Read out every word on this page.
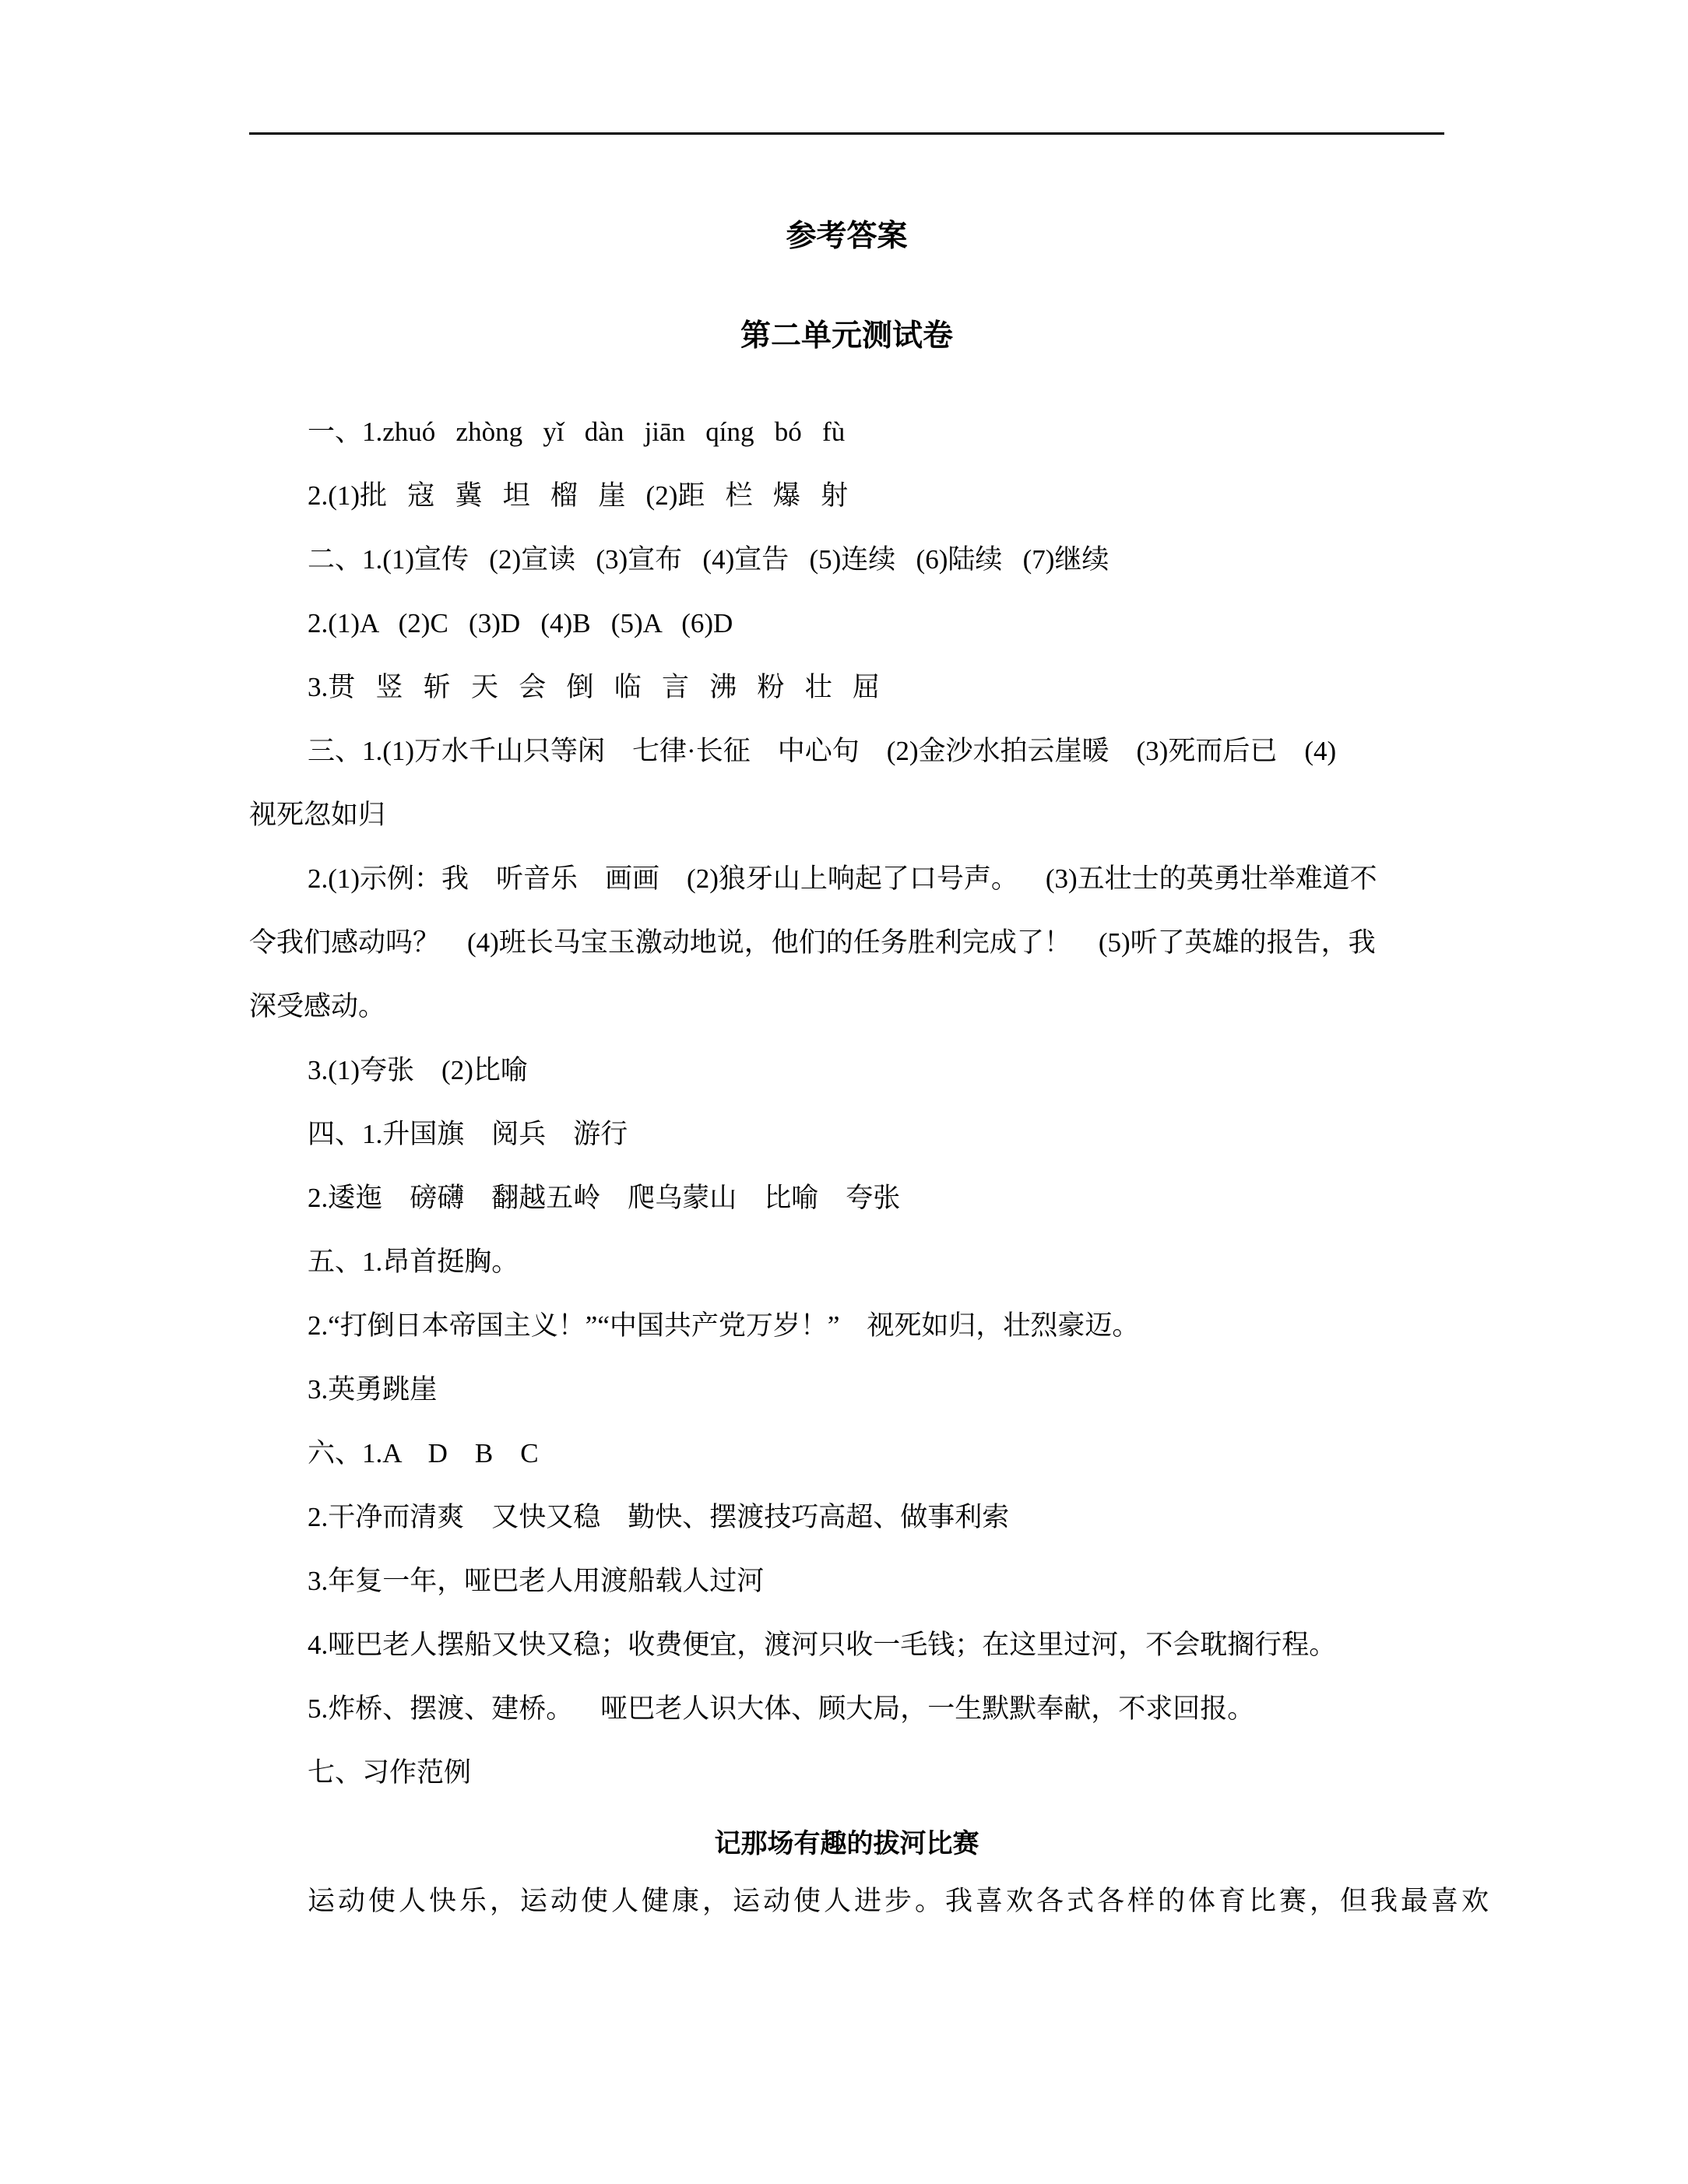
参考答案
第二单元测试卷
一、1.zhuó   zhòng   yǐ   dàn   jiān   qíng   bó   fù
2.(1)批   寇   冀   坦   榴   崖   (2)距   栏   爆   射
二、1.(1)宣传   (2)宣读   (3)宣布   (4)宣告   (5)连续   (6)陆续   (7)继续
2.(1)A   (2)C   (3)D   (4)B   (5)A   (6)D
3.贯   竖   斩   天   会   倒   临   言   沸   粉   壮   屈
三、1.(1)万水千山只等闲    七律·长征    中心句    (2)金沙水拍云崖暖    (3)死而后已    (4)
视死忽如归
2.(1)示例：我    听音乐    画画    (2)狼牙山上响起了口号声。    (3)五壮士的英勇壮举难道不
令我们感动吗？    (4)班长马宝玉激动地说，他们的任务胜利完成了！    (5)听了英雄的报告，我
深受感动。
3.(1)夸张    (2)比喻
四、1.升国旗    阅兵    游行
2.逶迤    磅礴    翻越五岭    爬乌蒙山    比喻    夸张
五、1.昂首挺胸。
2.“打倒日本帝国主义！”“中国共产党万岁！”    视死如归，壮烈豪迈。
3.英勇跳崖
六、1.A    D    B    C
2.干净而清爽    又快又稳    勤快、摆渡技巧高超、做事利索
3.年复一年，哑巴老人用渡船载人过河
4.哑巴老人摆船又快又稳；收费便宜，渡河只收一毛钱；在这里过河，不会耽搁行程。
5.炸桥、摆渡、建桥。    哑巴老人识大体、顾大局，一生默默奉献，不求回报。
七、习作范例
记那场有趣的拔河比赛
运动使人快乐，运动使人健康，运动使人进步。我喜欢各式各样的体育比赛，但我最喜欢
